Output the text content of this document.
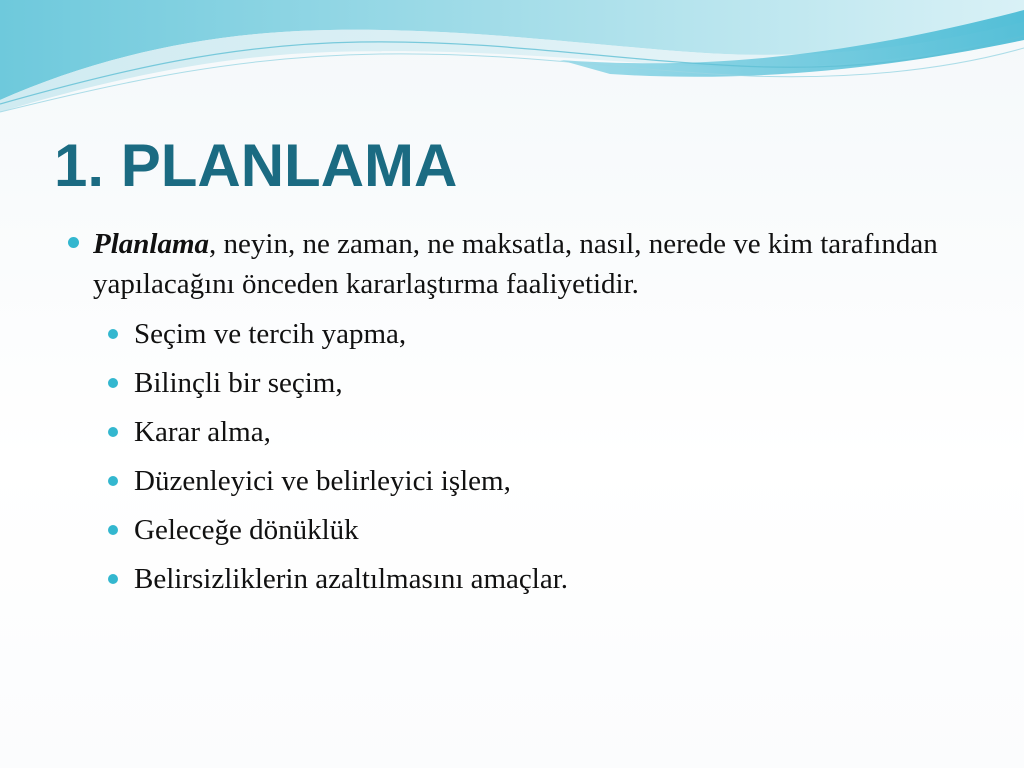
1. PLANLAMA

Planlama, neyin, ne zaman, ne maksatla, nasıl, nerede ve kim tarafından yapılacağını önceden kararlaştırma faaliyetidir.

Seçim ve tercih yapma,
Bilinçli bir seçim,
Karar alma,
Düzenleyici ve belirleyici işlem,
Geleceğe dönüklük
Belirsizliklerin azaltılmasını amaçlar.
